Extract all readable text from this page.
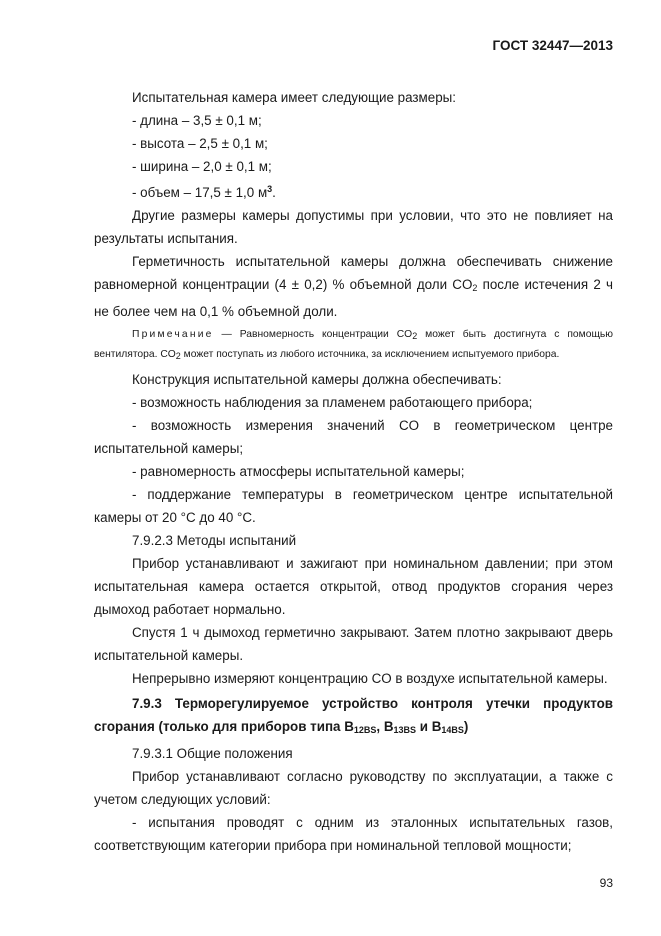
ГОСТ 32447—2013

Испытательная камера имеет следующие размеры:

- длина – 3,5 ± 0,1 м;

- высота – 2,5 ± 0,1 м;

- ширина – 2,0 ± 0,1 м;

- объем – 17,5 ± 1,0 $м^3$.

Другие размеры камеры допустимы при условии, что это не повлияет на результаты испытания.

Герметичность испытательной камеры должна обеспечивать снижение равномерной концентрации (4 ± 0,2) % объемной доли $CO_2$ после истечения 2 ч не более чем на 0,1 % объемной доли.

Примечание — Равномерность концентрации CO2 может быть достигнута с помощью вентилятора. CO2 может поступать из любого источника, за исключением испытуемого прибора.

Конструкция испытательной камеры должна обеспечивать:

- возможность наблюдения за пламенем работающего прибора;

- возможность измерения значений CO в геометрическом центре

испытательной камеры;

- равномерность атмосферы испытательной камеры;

- поддержание температуры в геометрическом центре испытательной

камеры от 20 °С до 40 °С.

7.9.2.3 Методы испытаний

Прибор устанавливают и зажигают при номинальном давлении; при этом испытательная камера остается открытой, отвод продуктов сгорания через дымоход работает нормально.

Спустя 1 ч дымоход герметично закрывают. Затем плотно закрывают дверь испытательной камеры.

Непрерывно измеряют концентрацию CO в воздухе испытательной камеры.

7.9.3 Терморегулируемое устройство контроля утечки продуктов сгорания (только для приборов типа $B_{12BS}$, $B_{13BS}$ и $B_{14BS}$)

7.9.3.1 Общие положения

Прибор устанавливают согласно руководству по эксплуатации, а также с учетом следующих условий:

- испытания проводят с одним из эталонных испытательных газов, соответствующим категории прибора при номинальной тепловой мощности;

93
